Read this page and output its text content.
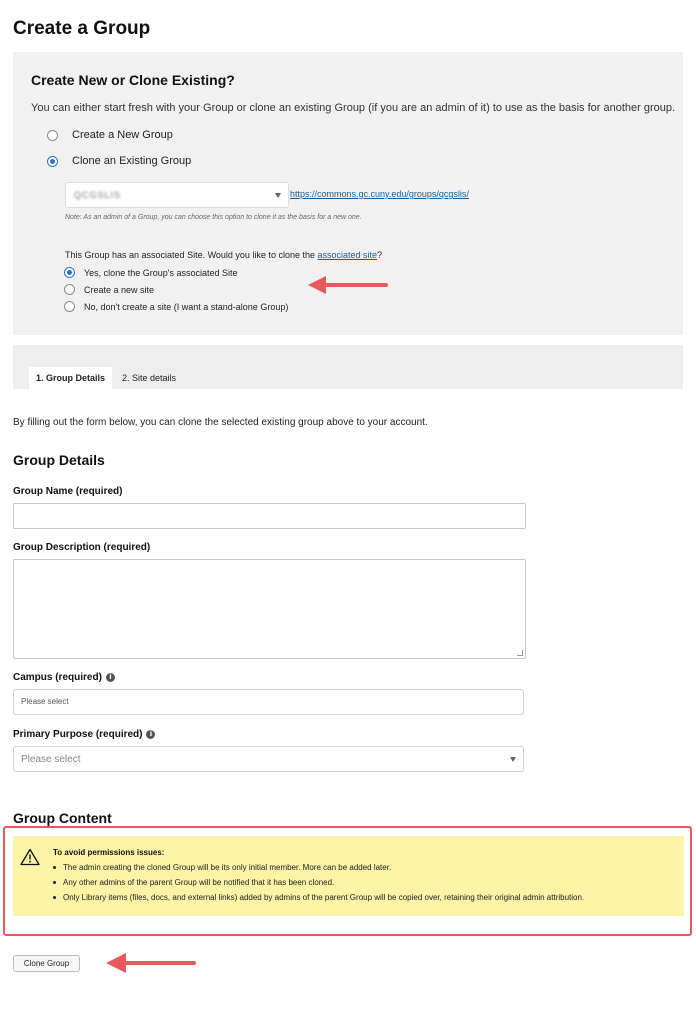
Create a Group
Create New or Clone Existing?

You can either start fresh with your Group or clone an existing Group (if you are an admin of it) to use as the basis for another group.

Create a New Group
Clone an Existing Group
QCGSLIS	https://commons.gc.cuny.edu/groups/qcgslis/
Note: As an admin of a Group, you can choose this option to clone it as the basis for a new one.
This Group has an associated Site. Would you like to clone the associated site?
Yes, clone the Group's associated Site
Create a new site
No, don't create a site (I want a stand-alone Group)
1. Group Details	2. Site details

By filling out the form below, you can clone the selected existing group above to your account.

Group Details
Group Name (required)
Group Description (required)
Campus (required)	i
Please select
Primary Purpose (required)	i
Please select
Group Content
To avoid permissions issues:
The admin creating the cloned Group will be its only initial member. More can be added later.
Any other admins of the parent Group will be notified that it has been cloned.
Only Library items (files, docs, and external links) added by admins of the parent Group will be copied over, retaining their original admin attribution.
Clone Group
